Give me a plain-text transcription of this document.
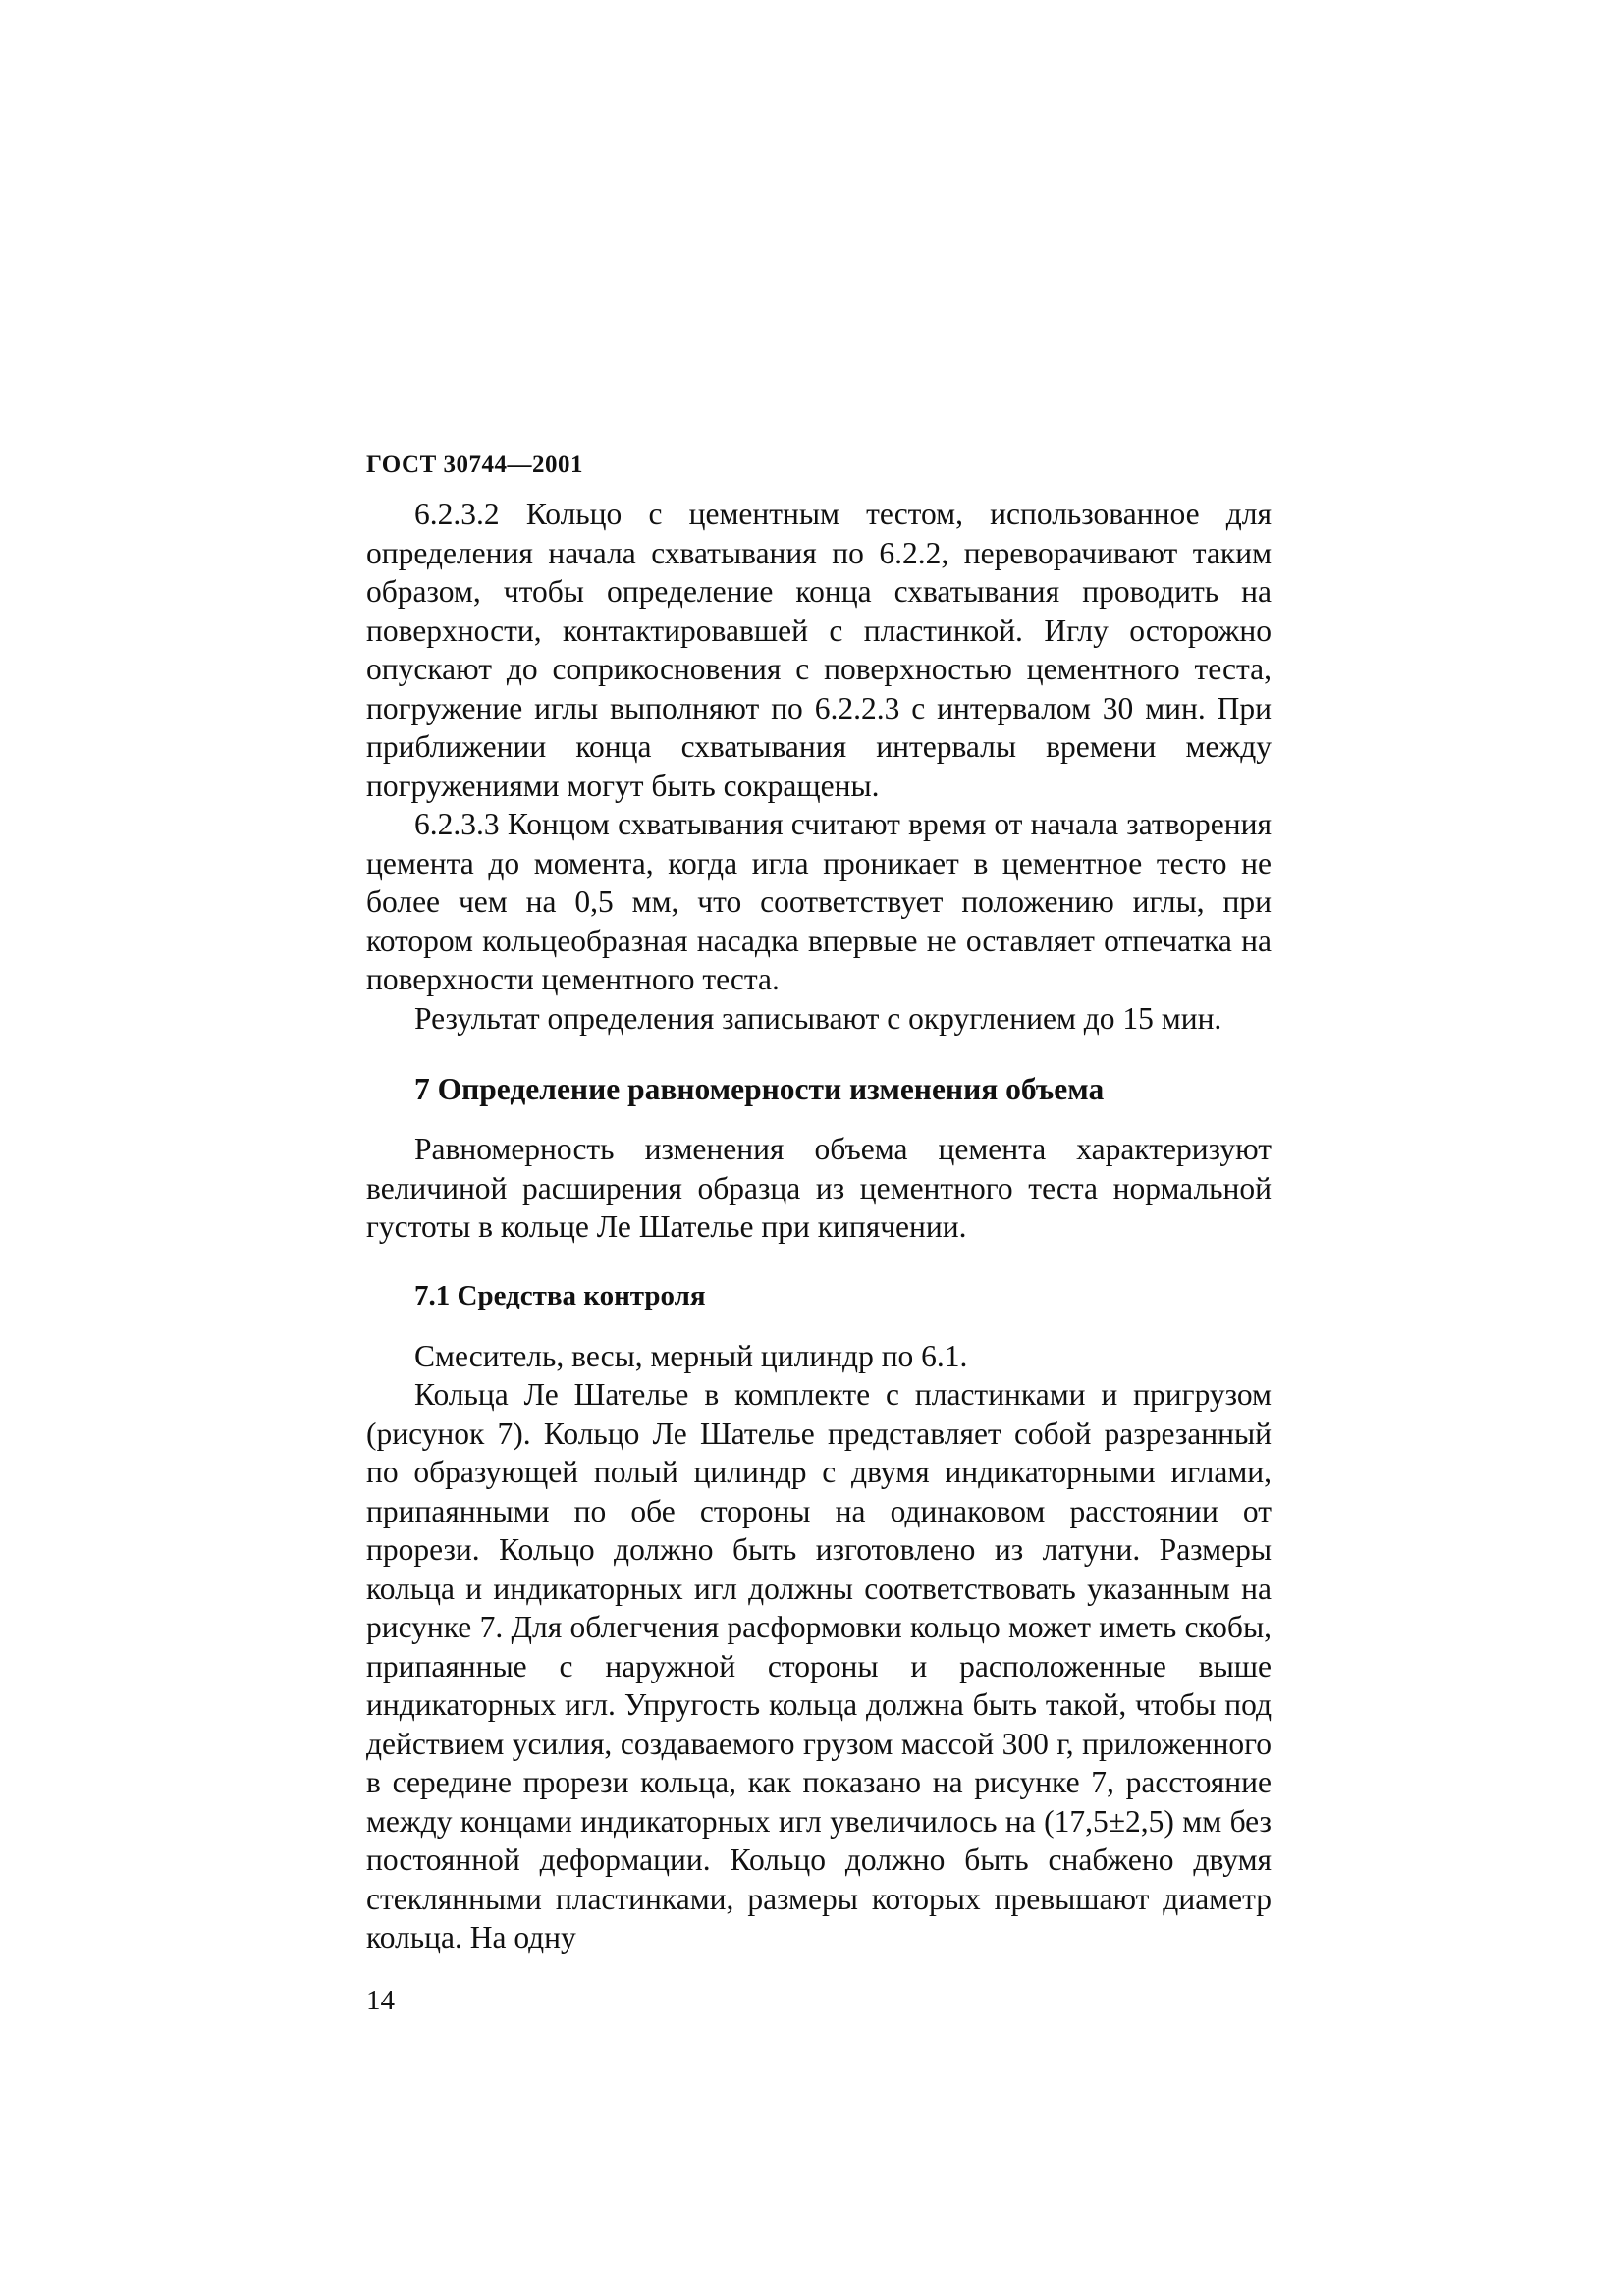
ГОСТ 30744—2001

6.2.3.2 Кольцо с цементным тестом, использованное для определения начала схватывания по 6.2.2, переворачивают таким образом, чтобы определение конца схватывания проводить на поверхности, контактировавшей с пластинкой. Иглу осторожно опускают до соприкосновения с поверхностью цементного теста, погружение иглы выполняют по 6.2.2.3 с интервалом 30 мин. При приближении конца схватывания интервалы времени между погружениями могут быть сокращены.

6.2.3.3 Концом схватывания считают время от начала затворения цемента до момента, когда игла проникает в цементное тесто не более чем на 0,5 мм, что соответствует положению иглы, при котором кольцеобразная насадка впервые не оставляет отпечатка на поверхности цементного теста.

Результат определения записывают с округлением до 15 мин.

7 Определение равномерности изменения объема

Равномерность изменения объема цемента характеризуют величиной расширения образца из цементного теста нормальной густоты в кольце Ле Шателье при кипячении.

7.1 Средства контроля

Смеситель, весы, мерный цилиндр по 6.1.

Кольца Ле Шателье в комплекте с пластинками и пригрузом (рисунок 7). Кольцо Ле Шателье представляет собой разрезанный по образующей полый цилиндр с двумя индикаторными иглами, припаянными по обе стороны на одинаковом расстоянии от прорези. Кольцо должно быть изготовлено из латуни. Размеры кольца и индикаторных игл должны соответствовать указанным на рисунке 7. Для облегчения расформовки кольцо может иметь скобы, припаянные с наружной стороны и расположенные выше индикаторных игл. Упругость кольца должна быть такой, чтобы под действием усилия, создаваемого грузом массой 300 г, приложенного в середине прорези кольца, как показано на рисунке 7, расстояние между концами индикаторных игл увеличилось на (17,5±2,5) мм без постоянной деформации. Кольцо должно быть снабжено двумя стеклянными пластинками, размеры которых превышают диаметр кольца. На одну

14
